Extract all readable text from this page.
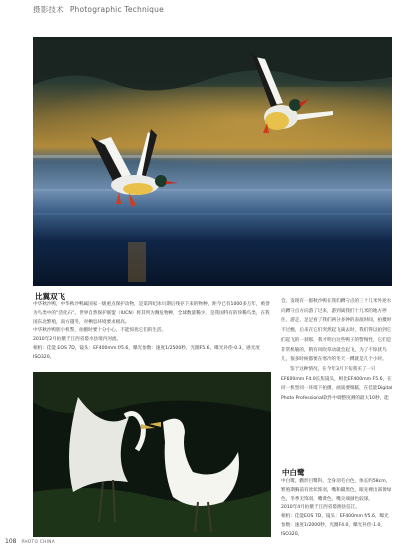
摄影技术 Photographic Technique
比翼双飞
中华秋沙鸭，中华秋沙鸭属国家一级重点保护动物，是第四纪冰川期后残存下来的物种，距今已有1000多万年，被誉为鸟类中的“活化石”。世界自然保护联盟（IUCN）将其列为濒危物种，全球数量稀少，是我国特有的珍稀鸟类，在我国东北繁殖，南方越冬，对栖息环境要求极高。
中华秋沙鸭胆小机警，拍摄时要十分小心，不能惊扰它们的生活。
2010年2月拍摄于江西省婺水县境内河流。
相机：佳能 EOS 7D，镜头：EF400mm f/5.6，曝光参数：速度1/2500秒，光圈F5.6，曝光补偿-0.3，感光度ISO320。
会。发现有一群秋沙鸭在我们蹲守点的三十几米外逆水向蹲守点方向游了过来，游到离我们十几米的地方停住，游走，足足看了我们两分多钟的表演时间，拍摄时不过瘾，后来在它们突然起飞离去时，我们得以拍到它们起飞的一刹那，我才明白这些鸭子的警惕性，它们是非常机敏的，稍有风吹草动就会起飞，为了不惊扰鸟儿，很多时候都要在寒冷的冬天一蹲就是几个小时。
鉴于这种情况，在今年3月下旬我买了一只EF600mm F4.0长焦镜头，相比EF400mm F5.6，在同一机型同一环境下拍摄，画质要细腻，在佳能Digital Photo Professional软件中调整度测的最大10秒，能
中白鹭
中白鹭，鹳形目鹭科，全身羽毛白色，体长约58cm，繁殖期胸前有丝状饰羽，嘴和脚黑色，眼先裸出部黄绿色，冬季无饰羽，嘴黄色，嘴尖端颜色较深。
2010年4月拍摄于江西省婺源县信江。
相机：佳能EOS 7D，镜头：EF400mm f/5.6，曝光参数：速度1/2000秒，光圈F4.0，曝光补偿-1.0，ISO320。
108 PHOTO CHINA
